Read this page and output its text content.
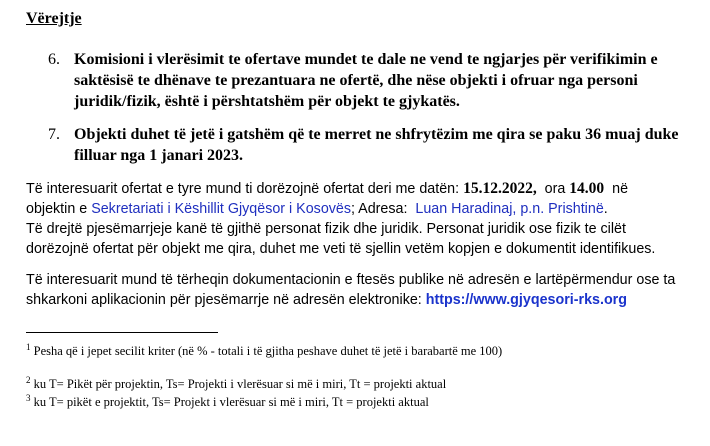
Vërejtje
6. Komisioni i vlerësimit te ofertave mundet te dale ne vend te ngjarjes për verifikimin e
saktësisë te dhënave te prezantuara ne ofertë, dhe nëse objekti i ofruar nga personi
juridik/fizik, është i përshtatshëm për objekt te gjykatës.
7. Objekti duhet të jetë i gatshëm që te merret ne shfrytëzim me qira se paku 36 muaj duke
filluar nga 1 janari 2023.
Të interesuarit ofertat e tyre mund ti dorëzojnë ofertat deri me datën: 15.12.2022,  ora 14.00  në
objektin e Sekretariati i Këshillit Gjyqësor i Kosovës; Adresa:  Luan Haradinaj, p.n. Prishtinë.
Të drejtë pjesëmarrjeje kanë të gjithë personat fizik dhe juridik. Personat juridik ose fizik te cilët
dorëzojnë ofertat për objekt me qira, duhet me veti të sjellin vetëm kopjen e dokumentit identifikues.
Të interesuarit mund të tërheqin dokumentacionin e ftesës publike në adresën e lartëpërmendur ose ta
shkarkoni aplikacionin për pjesëmarrje në adresën elektronike: https://www.gjyqesori-rks.org
$^1$ Pesha që i jepet secilit kriter (në % - totali i të gjitha peshave duhet të jetë i barabartë me 100)
$^2$ ku T= Pikët për projektin, Ts= Projekti i vlerësuar si më i miri, Tt = projekti aktual
$^3$ ku T= pikët e projektit, Ts= Projekt i vlerësuar si më i miri, Tt = projekti aktual
